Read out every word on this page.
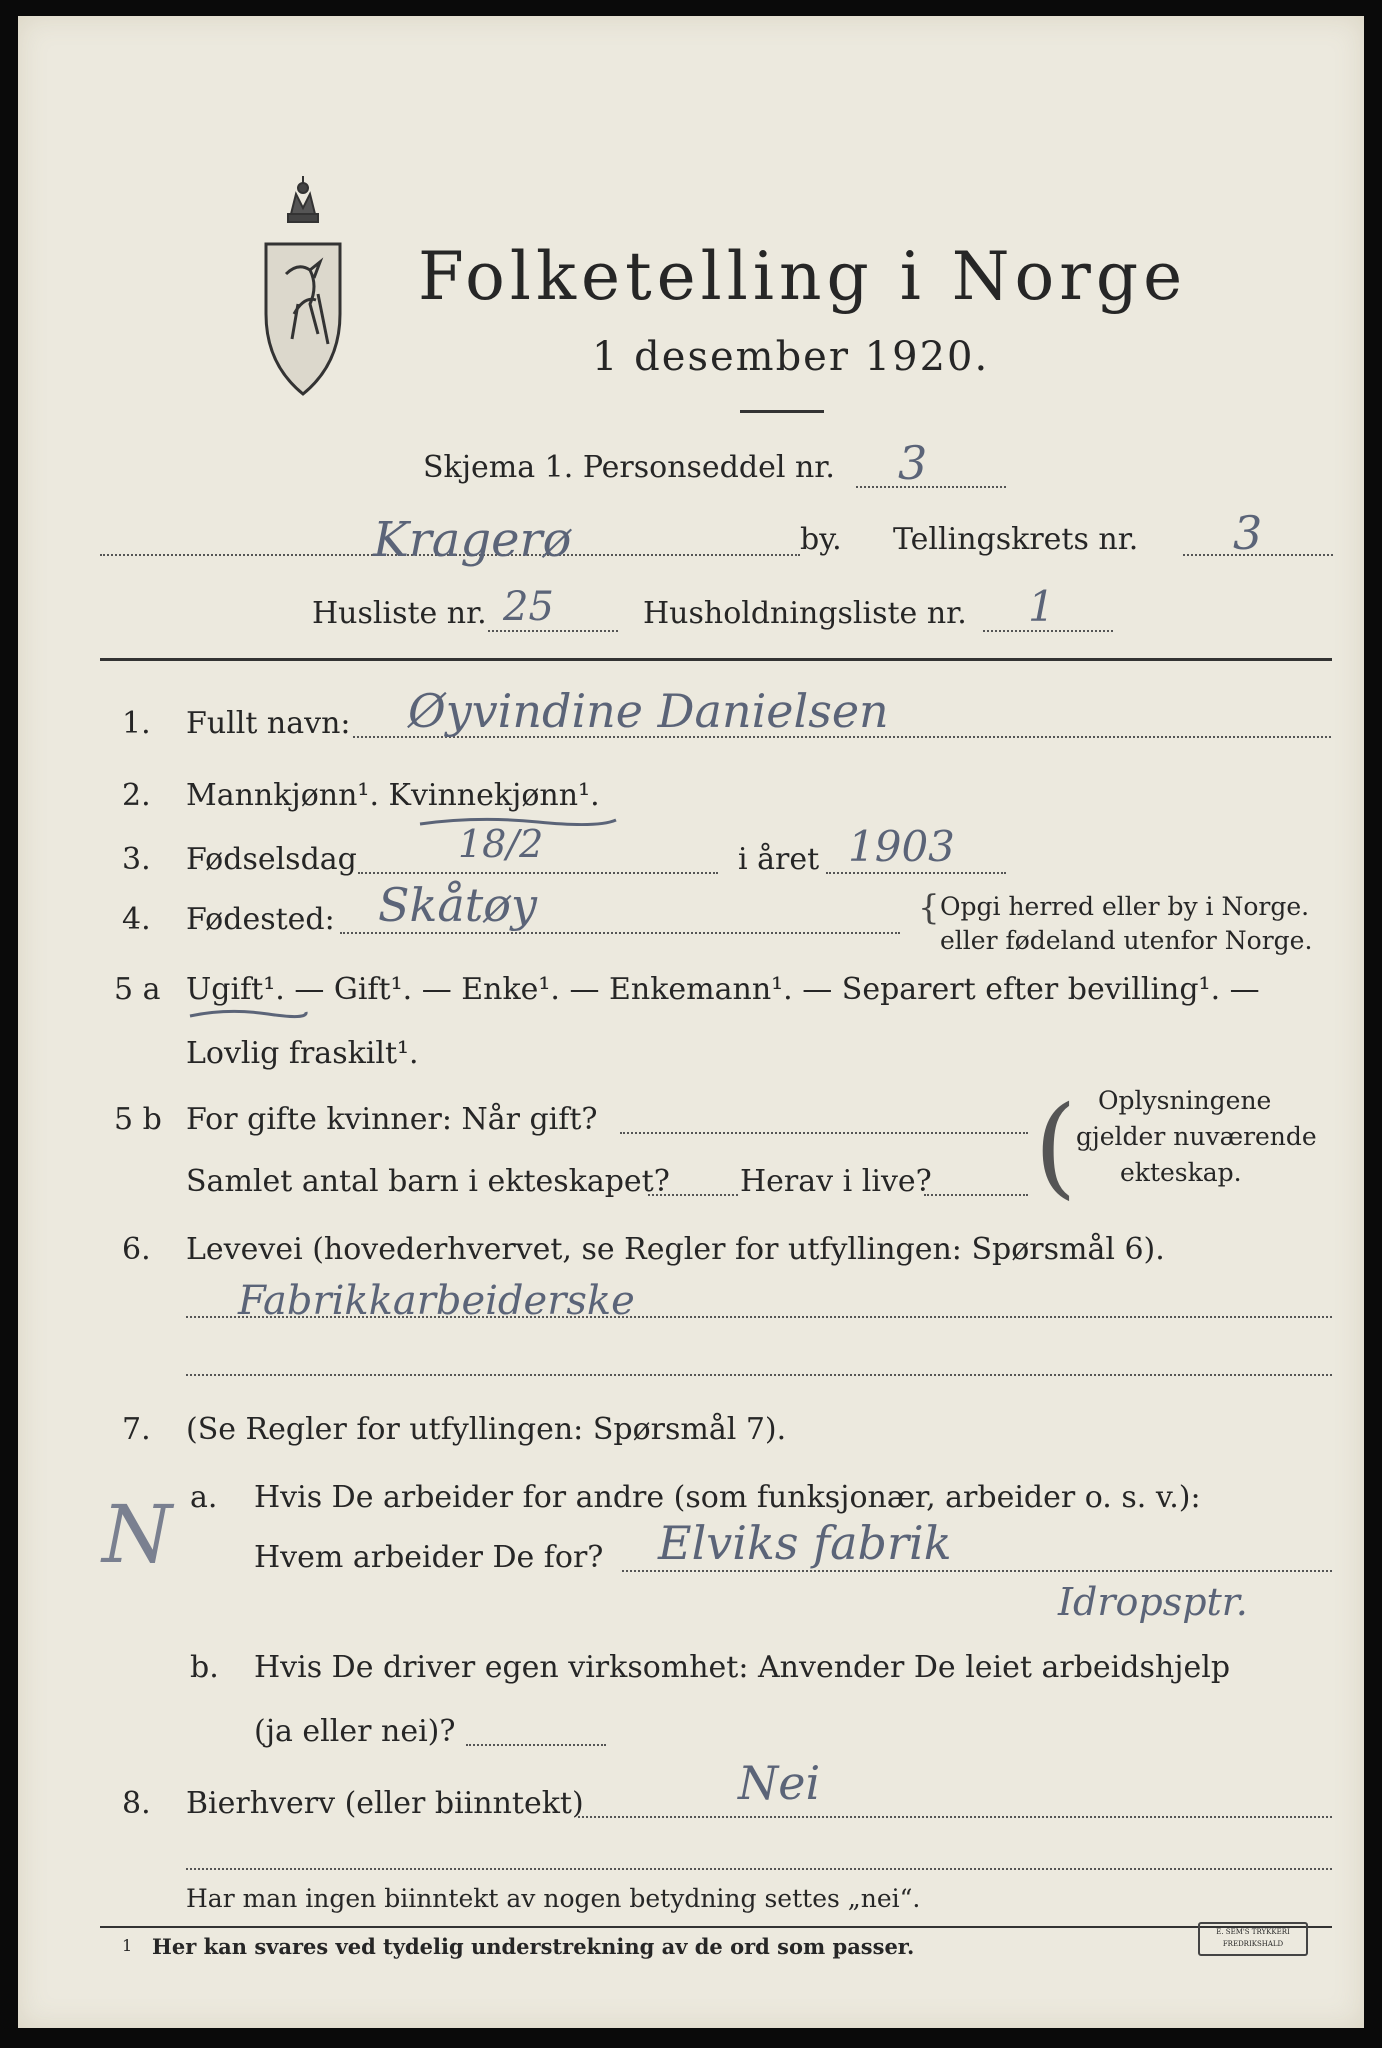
Folketelling i Norge
1 desember 1920.
Skjema 1. Personseddel nr. 3
Kragerø	by. Tellingskrets nr. 3
Husliste nr. 25	Husholdningsliste nr. 1
1. Fullt navn: Øyvindine Danielsen
2. Mannkjønn¹. Kvinnekjønn¹.
3. Fødselsdag	18/2	i året 1903
4. Fødested: Skåtøy	{ Opgi herred eller by i Norge.
eller fødeland utenfor Norge.
5 a Ugift¹. — Gift¹. — Enke¹. — Enkemann¹. — Separert efter bevilling¹. —
Lovlig fraskilt¹.
5 b For gifte kvinner: Når gift?
Samlet antal barn i ekteskapet? Herav i live? ( Oplysningene
gjelder nuværende
ekteskap.
6. Levevei (hovederhvervet, se Regler for utfyllingen: Spørsmål 6).
Fabrikkarbeiderske
7. (Se Regler for utfyllingen: Spørsmål 7).
a. Hvis De arbeider for andre (som funksjonær, arbeider o. s. v.):
Hvem arbeider De for? Elviks fabrik
Idropsptr.
N
b. Hvis De driver egen virksomhet: Anvender De leiet arbeidshjelp
(ja eller nei)?
8. Bierhverv (eller biinntekt)	Nei
Har man ingen biinntekt av nogen betydning settes „nei“.
1 Her kan svares ved tydelig understrekning av de ord som passer.
E. SEM'S TRYKKERI
FREDRIKSHALD
